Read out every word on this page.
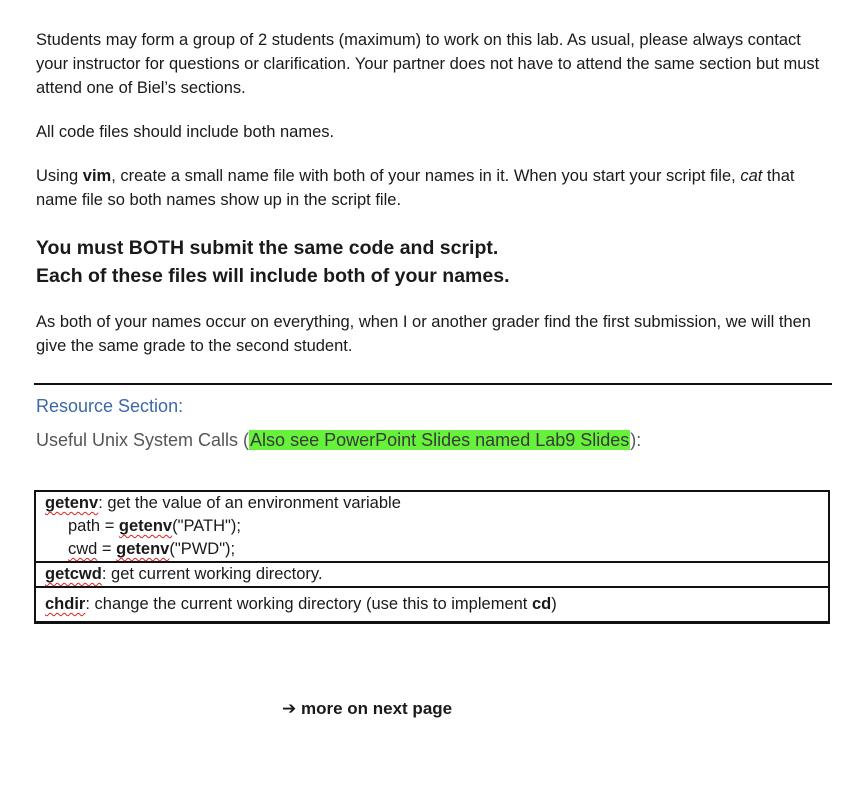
Students may form a group of 2 students (maximum) to work on this lab. As usual, please always contact your instructor for questions or clarification. Your partner does not have to attend the same section but must attend one of Biel’s sections.

All code files should include both names.

Using vim, create a small name file with both of your names in it. When you start your script file, cat that name file so both names show up in the script file.

You must BOTH submit the same code and script.
Each of these files will include both of your names.

As both of your names occur on everything, when I or another grader find the first submission, we will then give the same grade to the second student.

Resource Section:
Useful Unix System Calls (Also see PowerPoint Slides named Lab9 Slides):
getenv: get the value of an environment variable
path = getenv("PATH");
cwd = getenv("PWD");
getcwd: get current working directory.
chdir: change the current working directory (use this to implement cd)
➔ more on next page
